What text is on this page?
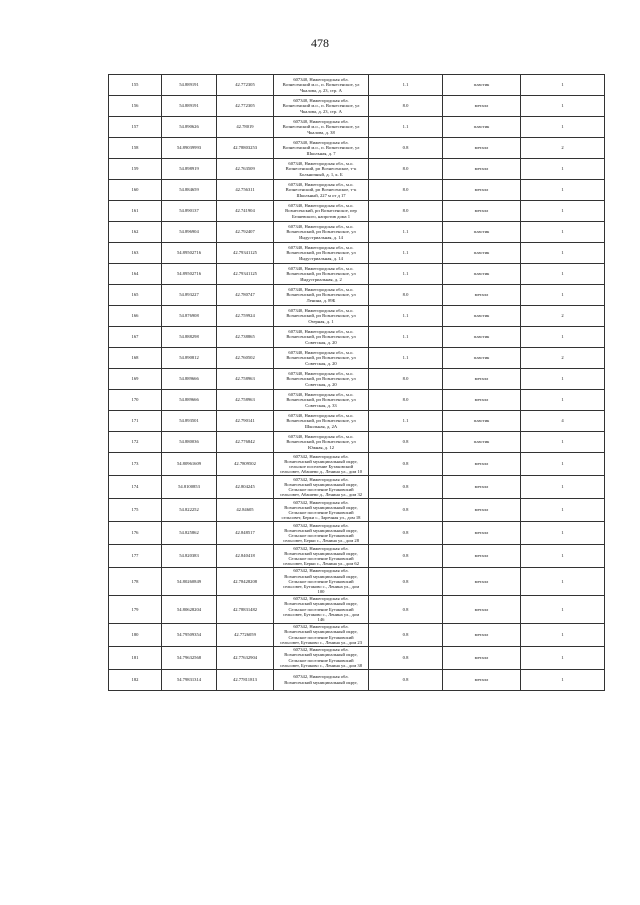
478
155	54.889191	42.772305	607340, Нижегородская обл.
Вознесенский м.о., п. Вознесенское, ул
Чкалова, д. 23, стр. А	1.1	пластик	1
156	54.889191	42.772305	607340, Нижегородская обл.
Вознесенский м.о., п. Вознесенское, ул
Чкалова, д. 23, стр. А	8.0	металл	1
157	54.890626	42.78019	607340, Нижегородская обл.
Вознесенский м.о., п. Вознесенское, ул
Чкалова, д. 38	1.1	пластик	1
158	54.89039993	42.78803253	607340, Нижегородская обл.
Вознесенский м.о., п. Вознесенское, ул
Школьная, д. 7	0.8	металл	2
159	54.898919	42.763509	607340, Нижегородская обл., м.о.
Вознесенский, рп Вознесенское, т-к
Больничный, д. 1, к. Б	8.0	металл	1
160	54.884659	42.756311	607340, Нижегородская обл., м.о.
Вознесенский, рп Вознесенское, т-к
Школьный, 227 м от д 17	8.0	металл	1
161	54.890137	42.741904	607340, Нижегородская обл., м.о.
Вознесенский, рп Вознесенское, пер
Беляевского, напротив дома 1	8.0	металл	1
162	54.896904	42.792407	607340, Нижегородская обл., м.о.
Вознесенский, рп Вознесенское, ул
Индустриальная, д. 14	1.1	пластик	1
163	54.89502716	42.79341125	607340, Нижегородская обл., м.о.
Вознесенский, рп Вознесенское, ул
Индустриальная, д. 14	1.1	пластик	1
164	54.89502716	42.79341125	607340, Нижегородская обл., м.о.
Вознесенский, рп Вознесенское, ул
Индустриальная, д. 2	1.1	пластик	1
165	54.893227	42.780747	607340, Нижегородская обл., м.о.
Вознесенский, рп Вознесенское, ул
Ленина, д. 89Б	8.0	металл	1
166	54.876908	42.759924	607340, Нижегородская обл., м.о.
Вознесенский, рп Вознесенское, ул
Озерная, д. 1	1.1	пластик	2
167	54.888298	42.738865	607340, Нижегородская обл., м.о.
Вознесенский, рп Вознесенское, ул
Советская, д. 20	1.1	пластик	1
168	54.890812	42.760502	607340, Нижегородская обл., м.о.
Вознесенский, рп Вознесенское, ул
Советская, д. 20	1.1	пластик	2
169	54.889666	42.758963	607340, Нижегородская обл., м.о.
Вознесенский, рп Вознесенское, ул
Советская, д. 20	8.0	металл	1
170	54.889666	42.758963	607340, Нижегородская обл., м.о.
Вознесенский, рп Вознесенское, ул
Советская, д. 33	8.0	металл	1
171	54.893501	42.790141	607340, Нижегородская обл., м.о.
Вознесенский, рп Вознесенское, ул
Школьная, д. 2А	1.1	пластик	4
172	54.880036	42.776842	607340, Нижегородская обл., м.о.
Вознесенский, рп Вознесенское, ул
Южная, д. 12	0.8	пластик	1
173	54.80961609	42.7809502	607342, Нижегородская обл.
Вознесенский муниципальный округ,
сельское поселение Бутаковский
сельсовет, Абашево д., Ленина ул., дом 10	0.8	металл	1
174	54.8100853	42.804245	607342, Нижегородская обл.
Вознесенский муниципальный округ,
Сельское поселение Бутаковский
сельсовет, Абашево д., Ленина ул., дом 32	0.8	металл	1
175	54.822252	42.84605	607342, Нижегородская обл.
Вознесенский муниципальный округ,
Сельское поселение Бутаковский
сельсовет, Берки с., Заречная ул., дом 18	0.8	металл	1
176	54.825862	42.848517	607342, Нижегородская обл.
Вознесенский муниципальный округ,
Сельское поселение Бутаковский
сельсовет, Берки с., Ленина ул., дом 28	0.8	металл	1
177	54.820383	42.840418	607342, Нижегородская обл.
Вознесенский муниципальный округ,
Сельское поселение Бутаковский
сельсовет, Берки с., Ленина ул., дом 62	0.8	металл	1
178	54.80260849	42.78428208	607342, Нижегородская обл.
Вознесенский муниципальный округ,
Сельское поселение Бутаковский
сельсовет, Бутаково с., Ленина ул., дом
100	0.8	металл	1
179	54.80628204	42.78831482	607342, Нижегородская обл.
Вознесенский муниципальный округ,
Сельское поселение Бутаковский
сельсовет, Бутаково с., Ленина ул., дом
146	0.8	металл	1
180	54.79509354	42.7726059	607342, Нижегородская обл.
Вознесенский муниципальный округ,
Сельское поселение Бутаковский
сельсовет, Бутаково с., Ленина ул., дом 23	0.8	металл	1
181	54.79632568	42.77632904	607342, Нижегородская обл.
Вознесенский муниципальный округ,
Сельское поселение Бутаковский
сельсовет, Бутаково с., Ленина ул., дом 38	0.8	металл	1
182	54.79831314	42.77811813	607342, Нижегородская обл.
Вознесенский муниципальный округ,	0.8	металл	1
